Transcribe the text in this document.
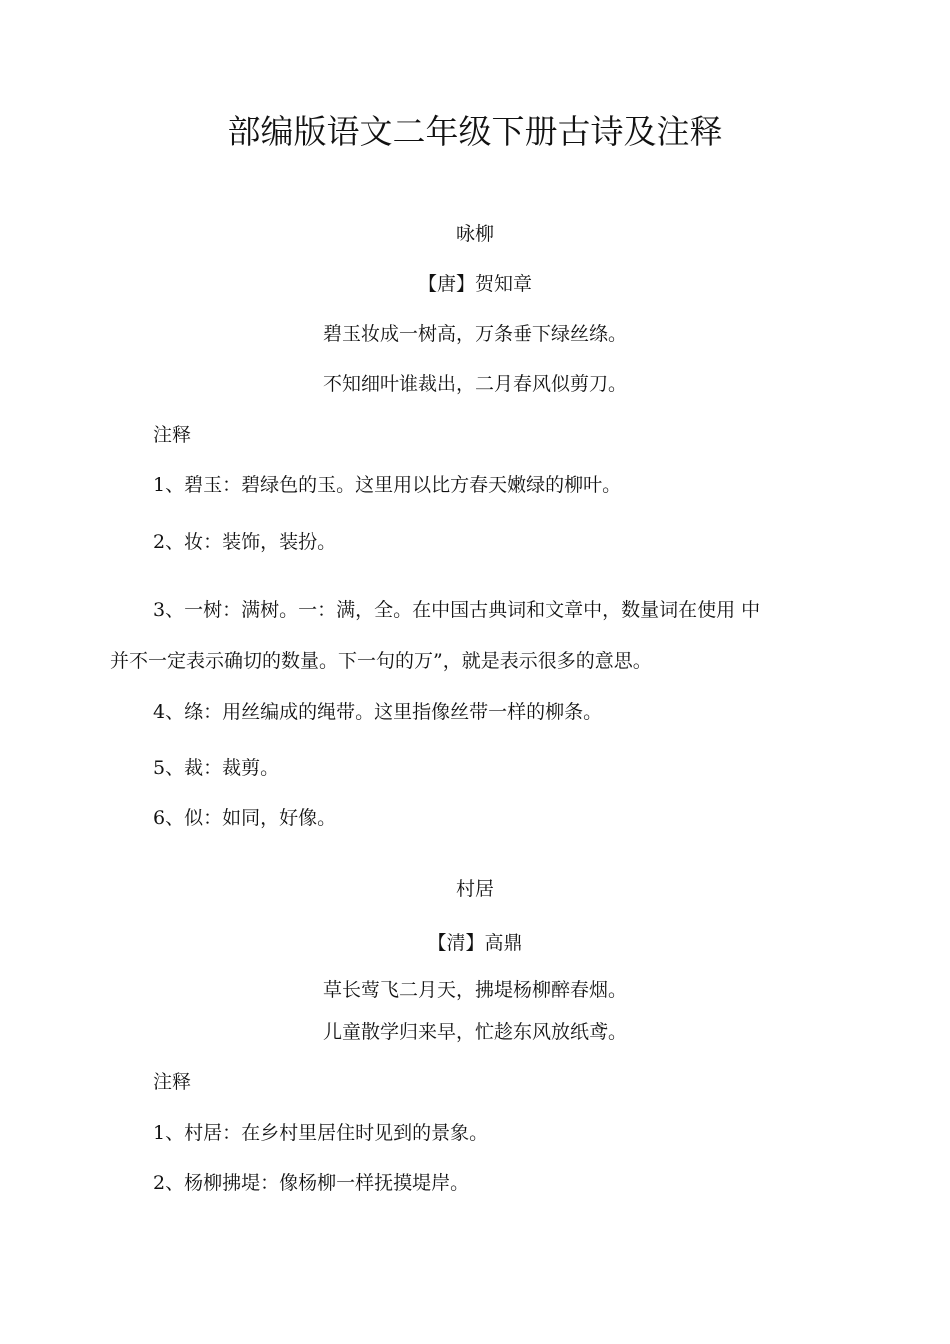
部编版语文二年级下册古诗及注释
咏柳
【唐】贺知章
碧玉妆成一树高，万条垂下绿丝绦。
不知细叶谁裁出，二月春风似剪刀。
注释
1、碧玉：碧绿色的玉。这里用以比方春天嫩绿的柳叶。
2、妆：装饰，装扮。
3、一树：满树。一：满，全。在中国古典词和文章中，数量词在使用 中
并不一定表示确切的数量。下一句的万”，就是表示很多的意思。
4、绦：用丝编成的绳带。这里指像丝带一样的柳条。
5、裁：裁剪。
6、似：如同，好像。
村居
【清】高鼎
草长莺飞二月天，拂堤杨柳醉春烟。
儿童散学归来早，忙趁东风放纸鸢。
注释
1、村居：在乡村里居住时见到的景象。
2、杨柳拂堤：像杨柳一样抚摸堤岸。
